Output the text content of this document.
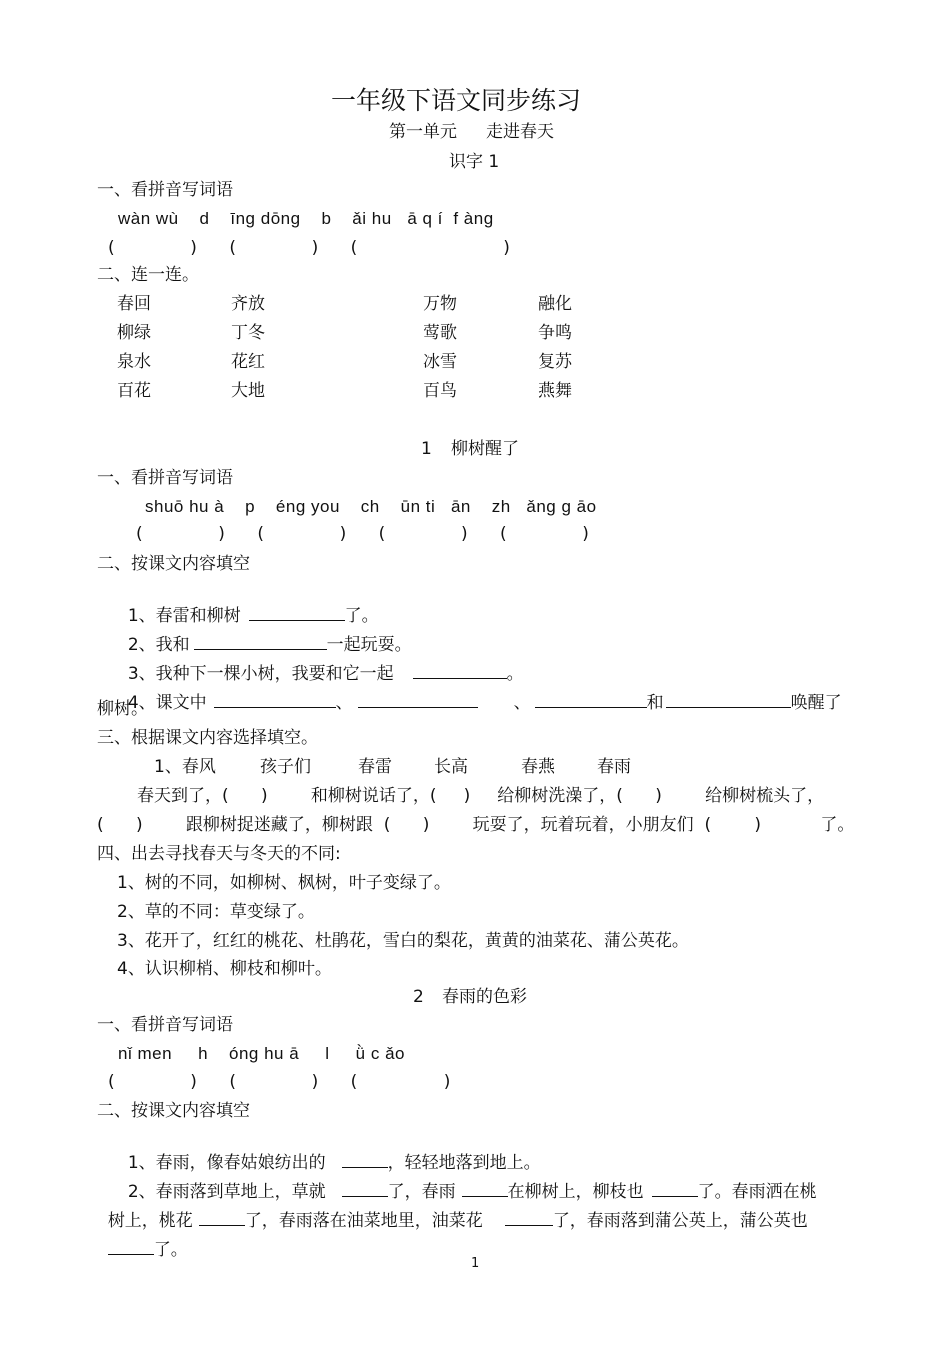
一年级下语文同步练习
第一单元 走进春天
识字 1
一、看拼音写词语
wàn wù    d    īng dōng    b    ǎi hu   ā q í  f àng
(              )      (              )      (                           )
二、连一连。
春回	齐放	万物	融化
柳绿	丁冬	莺歌	争鸣
泉水	花红	冰雪	复苏
百花	大地	百鸟	燕舞
1 柳树醒了
一、看拼音写词语
shuō hu à    p    éng you    ch    ūn ti   ān    zh   ǎng g āo
(              )      (              )      (              )      (              )
二、按课文内容填空

1、春雷和柳树	了。

2、我和	一起玩耍。

3、我种下一棵小树，我要和它一起	。

4、课文中	、	、	和	唤醒了

柳树。
三、根据课文内容选择填空。
1、春风	孩子们	春雷 长高	春燕 春雨
春天到了，(      )        和柳树说话了，(     )     给柳树洗澡了，(      )        给柳树梳头了，
(      )        跟柳树捉迷藏了，柳树跟  (      )        玩耍了，玩着玩着，小朋友们  (        )           了。
四、出去寻找春天与冬天的不同:
1、树的不同，如柳树、枫树，叶子变绿了。
2、草的不同：草变绿了。
3、花开了，红红的桃花、杜鹃花，雪白的梨花，黄黄的油菜花、蒲公英花。
4、认识柳梢、柳枝和柳叶。
2 春雨的色彩
一、看拼音写词语
nǐ men     h    óng hu ā     l     ǜ c ǎo
(              )      (              )      (                )
二、按课文内容填空

1、春雨，像春姑娘纺出的	，轻轻地落到地上。

2、春雨落到草地上，草就	了，春雨	在柳树上，柳枝也	了。春雨洒在桃

树上，桃花	了，春雨落在油菜地里，油菜花	了，春雨落到蒲公英上，蒲公英也

了。

1
